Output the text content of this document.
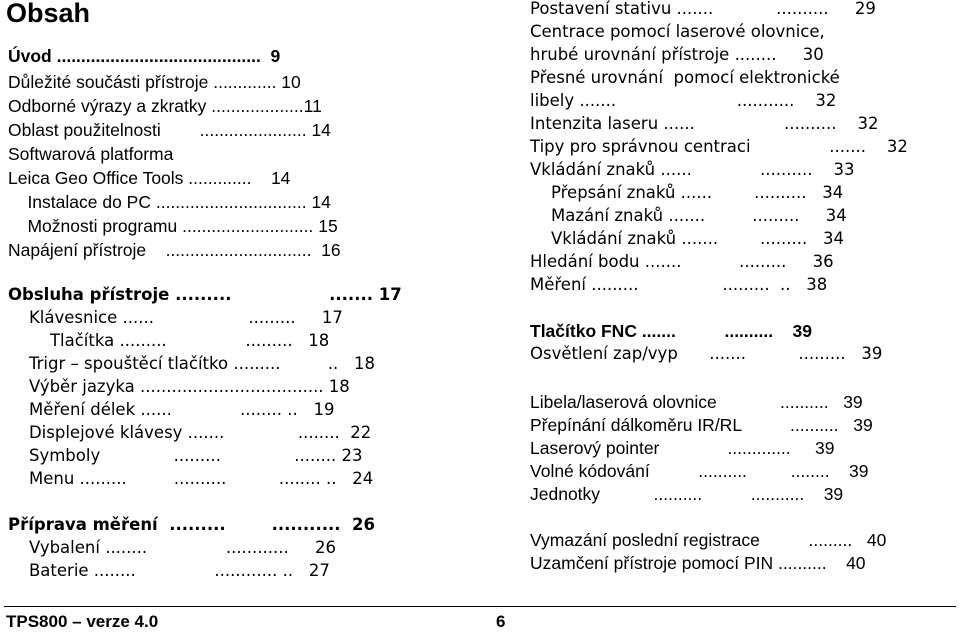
Obsah
Úvod ..........................................  9
Důležité součásti přístroje ............. 10
Odborné výrazy a zkratky ...................11
Oblast použitelnosti        ...................... 14
Softwarová platforma
Leica Geo Office Tools .............    14
Instalace do PC ............................... 14
Možnosti programu ........................... 15
Napájení přístroje    ..............................  16
Obsluha přístroje .........                 ....... 17
Klávesnice ......                  .........     17
Tlačítka .........               .........   18
Trigr – spouštěcí tlačítko .........         ..   18
Výběr jazyka ................................... 18
Měření délek ......             ........ ..   19
Displejové klávesy .......              ........  22
Symboly              .........              ........ 23
Menu .........         ..........          ........ ..   24
Příprava měření  .........        ...........  26
Vybalení ........               ............     26
Baterie ........               ............ ..   27
Postavení stativu .......            ..........     29
Centrace pomocí laserové olovnice,
hrubé urovnání přístroje ........     30
Přesné urovnání  pomocí elektronické
libely .......                       ...........    32
Intenzita laseru ......                 ..........    32
Tipy pro správnou centraci               .......    32
Vkládání znaků ......             ..........    33
Přepsání znaků ......        ..........   34
Mazání znaků .......         .........     34
Vkládání znaků .......        .........   34
Hledání bodu .......           .........     36
Měření .........                .........  ..   38
Tlačítko FNC .......          ..........    39
Osvětlení zap/vyp      .......          .........   39
Libela/laserová olovnice             ..........   39
Přepínání dálkoměru IR/RL          ..........   39
Laserový pointer              .............     39
Volné kódování          ..........         ........    39
Jednotky           ..........          ...........    39
Vymazání poslední registrace          .........   40
Uzamčení přístroje pomocí PIN ..........    40
TPS800 – verze 4.0	6
